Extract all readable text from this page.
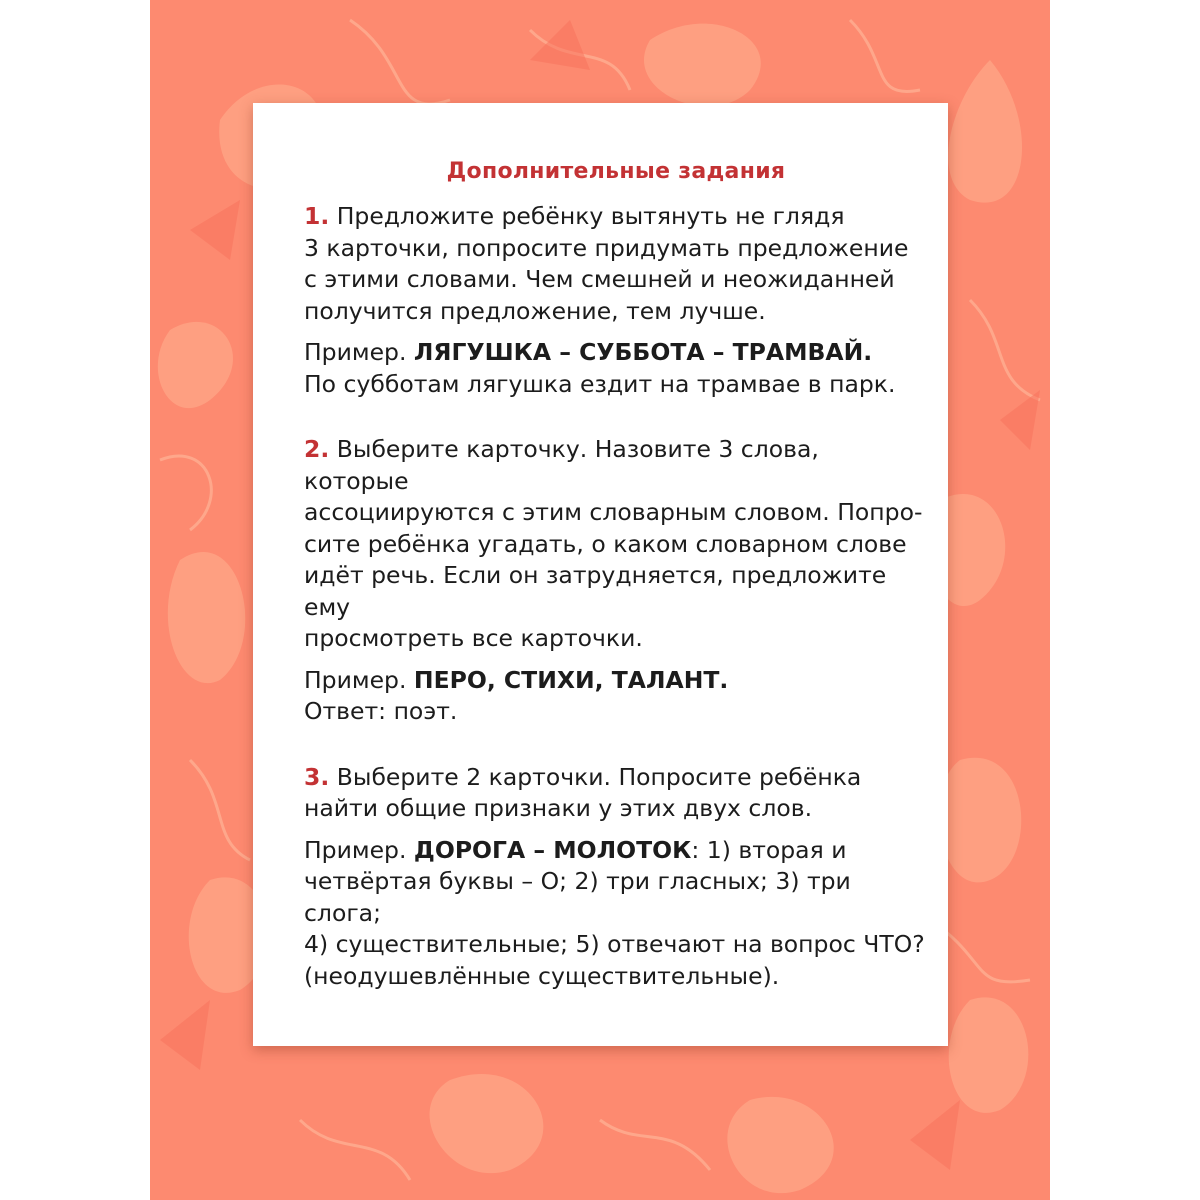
Дополнительные задания

1. Предложите ребёнку вытянуть не глядя

3 карточки, попросите придумать предложение

с этими словами. Чем смешней и неожиданней

получится предложение, тем лучше.

Пример. ЛЯГУШКА – СУББОТА – ТРАМВАЙ.

По субботам лягушка ездит на трамвае в парк.

2. Выберите карточку. Назовите 3 слова, которые

ассоциируются с этим словарным словом. Попро-

сите ребёнка угадать, о каком словарном слове

идёт речь. Если он затрудняется, предложите ему

просмотреть все карточки.

Пример. ПЕРО, СТИХИ, ТАЛАНТ.

Ответ: поэт.

3. Выберите 2 карточки. Попросите ребёнка

найти общие признаки у этих двух слов.

Пример. ДОРОГА – МОЛОТОК: 1) вторая и

четвёртая буквы – О; 2) три гласных; 3) три слога;

4) существительные; 5) отвечают на вопрос ЧТО?

(неодушевлённые существительные).
